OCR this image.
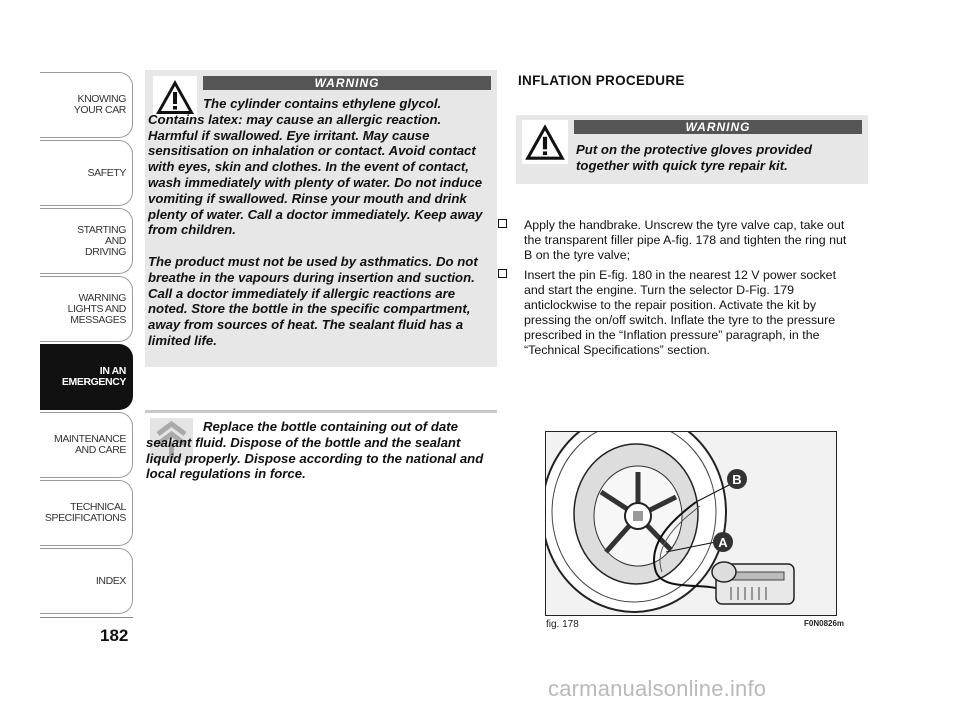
KNOWING
YOUR CAR
SAFETY
STARTING
AND
DRIVING
WARNING
LIGHTS AND
MESSAGES
IN AN
EMERGENCY
MAINTENANCE
AND CARE
TECHNICAL
SPECIFICATIONS
INDEX
182
WARNING
The cylinder contains ethylene glycol. Contains latex: may cause an allergic reaction. Harmful if swallowed. Eye irritant. May cause sensitisation on inhalation or contact. Avoid contact with eyes, skin and clothes. In the event of contact, wash immediately with plenty of water. Do not induce vomiting if swallowed. Rinse your mouth and drink plenty of water. Call a doctor immediately. Keep away from children.
The product must not be used by asthmatics. Do not breathe in the vapours during insertion and suction. Call a doctor immediately if allergic reactions are noted. Store the bottle in the specific compartment, away from sources of heat. The sealant fluid has a limited life.
Replace the bottle containing out of date sealant fluid. Dispose of the bottle and the sealant liquid properly. Dispose according to the national and local regulations in force.
INFLATION PROCEDURE
WARNING
Put on the protective gloves provided together with quick tyre repair kit.
Apply the handbrake. Unscrew the tyre valve cap, take out the transparent filler pipe A-fig. 178 and tighten the ring nut B on the tyre valve;
Insert the pin E-fig. 180 in the nearest 12 V power socket and start the engine. Turn the selector D-Fig. 179 anticlockwise to the repair position. Activate the kit by pressing the on/off switch. Inflate the tyre to the pressure prescribed in the “Inflation pressure” paragraph, in the “Technical Specifications” section.
B
A
fig. 178	F0N0826m
carmanualsonline.info
